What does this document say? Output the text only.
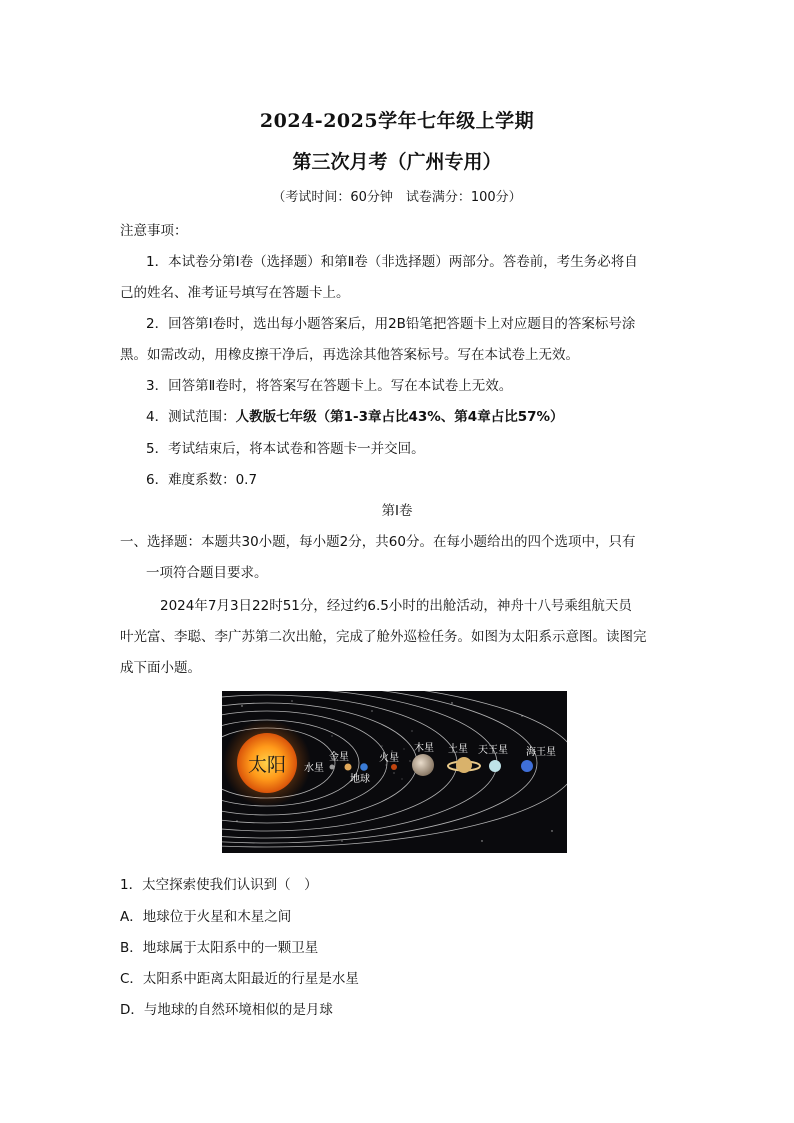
2024-2025学年七年级上学期
第三次月考（广州专用）
（考试时间：60分钟　试卷满分：100分）
注意事项：
1．本试卷分第Ⅰ卷（选择题）和第Ⅱ卷（非选择题）两部分。答卷前，考生务必将自
己的姓名、准考证号填写在答题卡上。
2．回答第Ⅰ卷时，选出每小题答案后，用2B铅笔把答题卡上对应题目的答案标号涂
黑。如需改动，用橡皮擦干净后，再选涂其他答案标号。写在本试卷上无效。
3．回答第Ⅱ卷时，将答案写在答题卡上。写在本试卷上无效。
4．测试范围：人教版七年级（第1-3章占比43%、第4章占比57%）
5．考试结束后，将本试卷和答题卡一并交回。
6．难度系数：0.7
第Ⅰ卷
一、选择题：本题共30小题，每小题2分，共60分。在每小题给出的四个选项中，只有
一项符合题目要求。
2024年7月3日22时51分，经过约6.5小时的出舱活动，神舟十八号乘组航天员
叶光富、李聪、李广苏第二次出舱，完成了舱外巡检任务。如图为太阳系示意图。读图完
成下面小题。
太阳 水星
金星
地球
火星
木星 土星 天王星 海王星
1．太空探索使我们认识到（　）
A．地球位于火星和木星之间
B．地球属于太阳系中的一颗卫星
C．太阳系中距离太阳最近的行星是水星
D．与地球的自然环境相似的是月球
